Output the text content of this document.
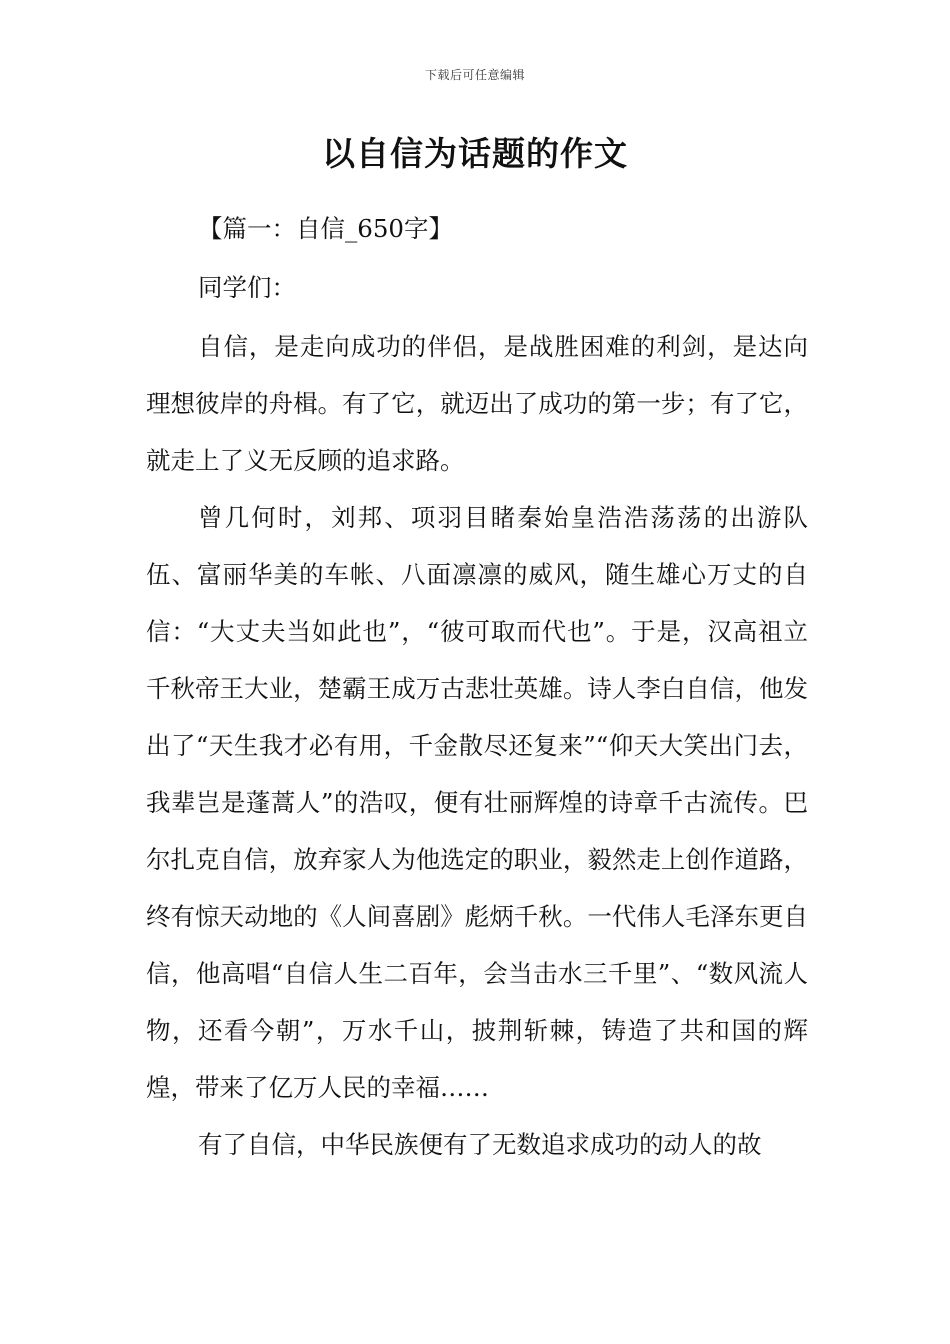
下载后可任意编辑
以自信为话题的作文

【篇一：自信_650字】

同学们：

自信，是走向成功的伴侣，是战胜困难的利剑，是达向理想彼岸的舟楫。有了它，就迈出了成功的第一步；有了它，就走上了义无反顾的追求路。

曾几何时，刘邦、项羽目睹秦始皇浩浩荡荡的出游队伍、富丽华美的车帐、八面凛凛的威风，随生雄心万丈的自信：“大丈夫当如此也”，“彼可取而代也”。于是，汉高祖立千秋帝王大业，楚霸王成万古悲壮英雄。诗人李白自信，他发出了“天生我才必有用，千金散尽还复来”“仰天大笑出门去，我辈岂是蓬蒿人”的浩叹，便有壮丽辉煌的诗章千古流传。巴尔扎克自信，放弃家人为他选定的职业，毅然走上创作道路，终有惊天动地的《人间喜剧》彪炳千秋。一代伟人毛泽东更自信，他高唱“自信人生二百年，会当击水三千里”、“数风流人物，还看今朝”，万水千山，披荆斩棘，铸造了共和国的辉煌，带来了亿万人民的幸福……

有了自信，中华民族便有了无数追求成功的动人的故
